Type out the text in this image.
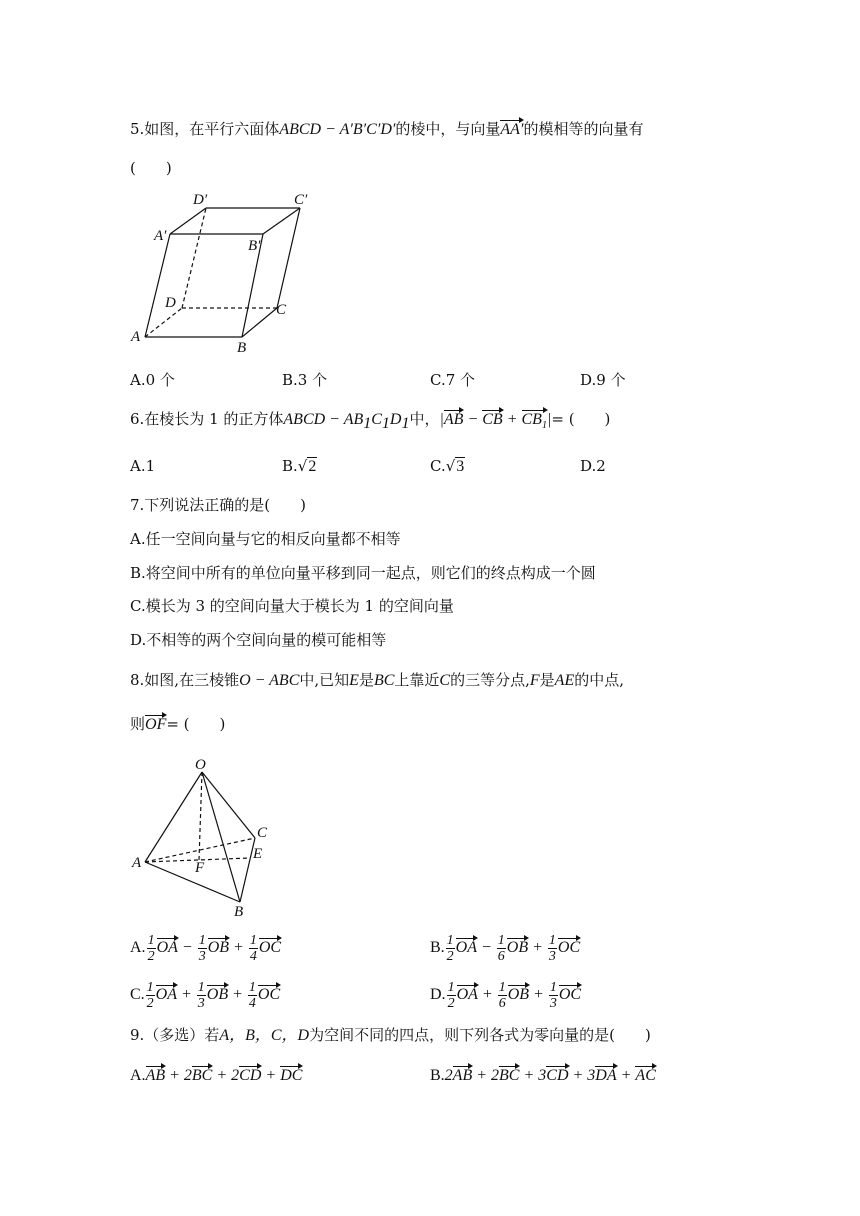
5.如图，在平行六面体ABCD − A′B′C′D′的棱中，与向量AA′的模相等的向量有
(　　)
D′	C′
A′
B′
D	C
A
B
O
C
E
A	F
B
A.0 个	B.3 个	C.7 个	D.9 个
6.在棱长为 1 的正方体ABCD − $AB_1C_1D_1$中，|AB − CB + $CB_1|=$ (　　)
A.1	B.√2	C.√3	D.2
7.下列说法正确的是(　　)
A.任一空间向量与它的相反向量都不相等
B.将空间中所有的单位向量平移到同一起点，则它们的终点构成一个圆
C.模长为 3 的空间向量大于模长为 1 的空间向量
D.不相等的两个空间向量的模可能相等
8.如图,在三棱锥O − ABC中,已知E是BC上靠近C的三等分点,F是AE的中点,
则OF= (　　)
A. $\frac{1}{2}$ OA − $\frac{1}{3}$ OB + $\frac{1}{4}$ OC	B. $\frac{1}{2}$ OA − $\frac{1}{6}$ OB + $\frac{1}{3}$ OC
C. $\frac{1}{2}$ OA + $\frac{1}{3}$ OB + $\frac{1}{4}$ OC	D. $\frac{1}{2}$ OA + $\frac{1}{6}$ OB + $\frac{1}{3}$ OC
9.（多选）若A，B，C，D为空间不同的四点，则下列各式为零向量的是(　　)
A.AB + 2BC + 2CD + DC	B.2AB + 2BC + 3CD + 3DA + AC
